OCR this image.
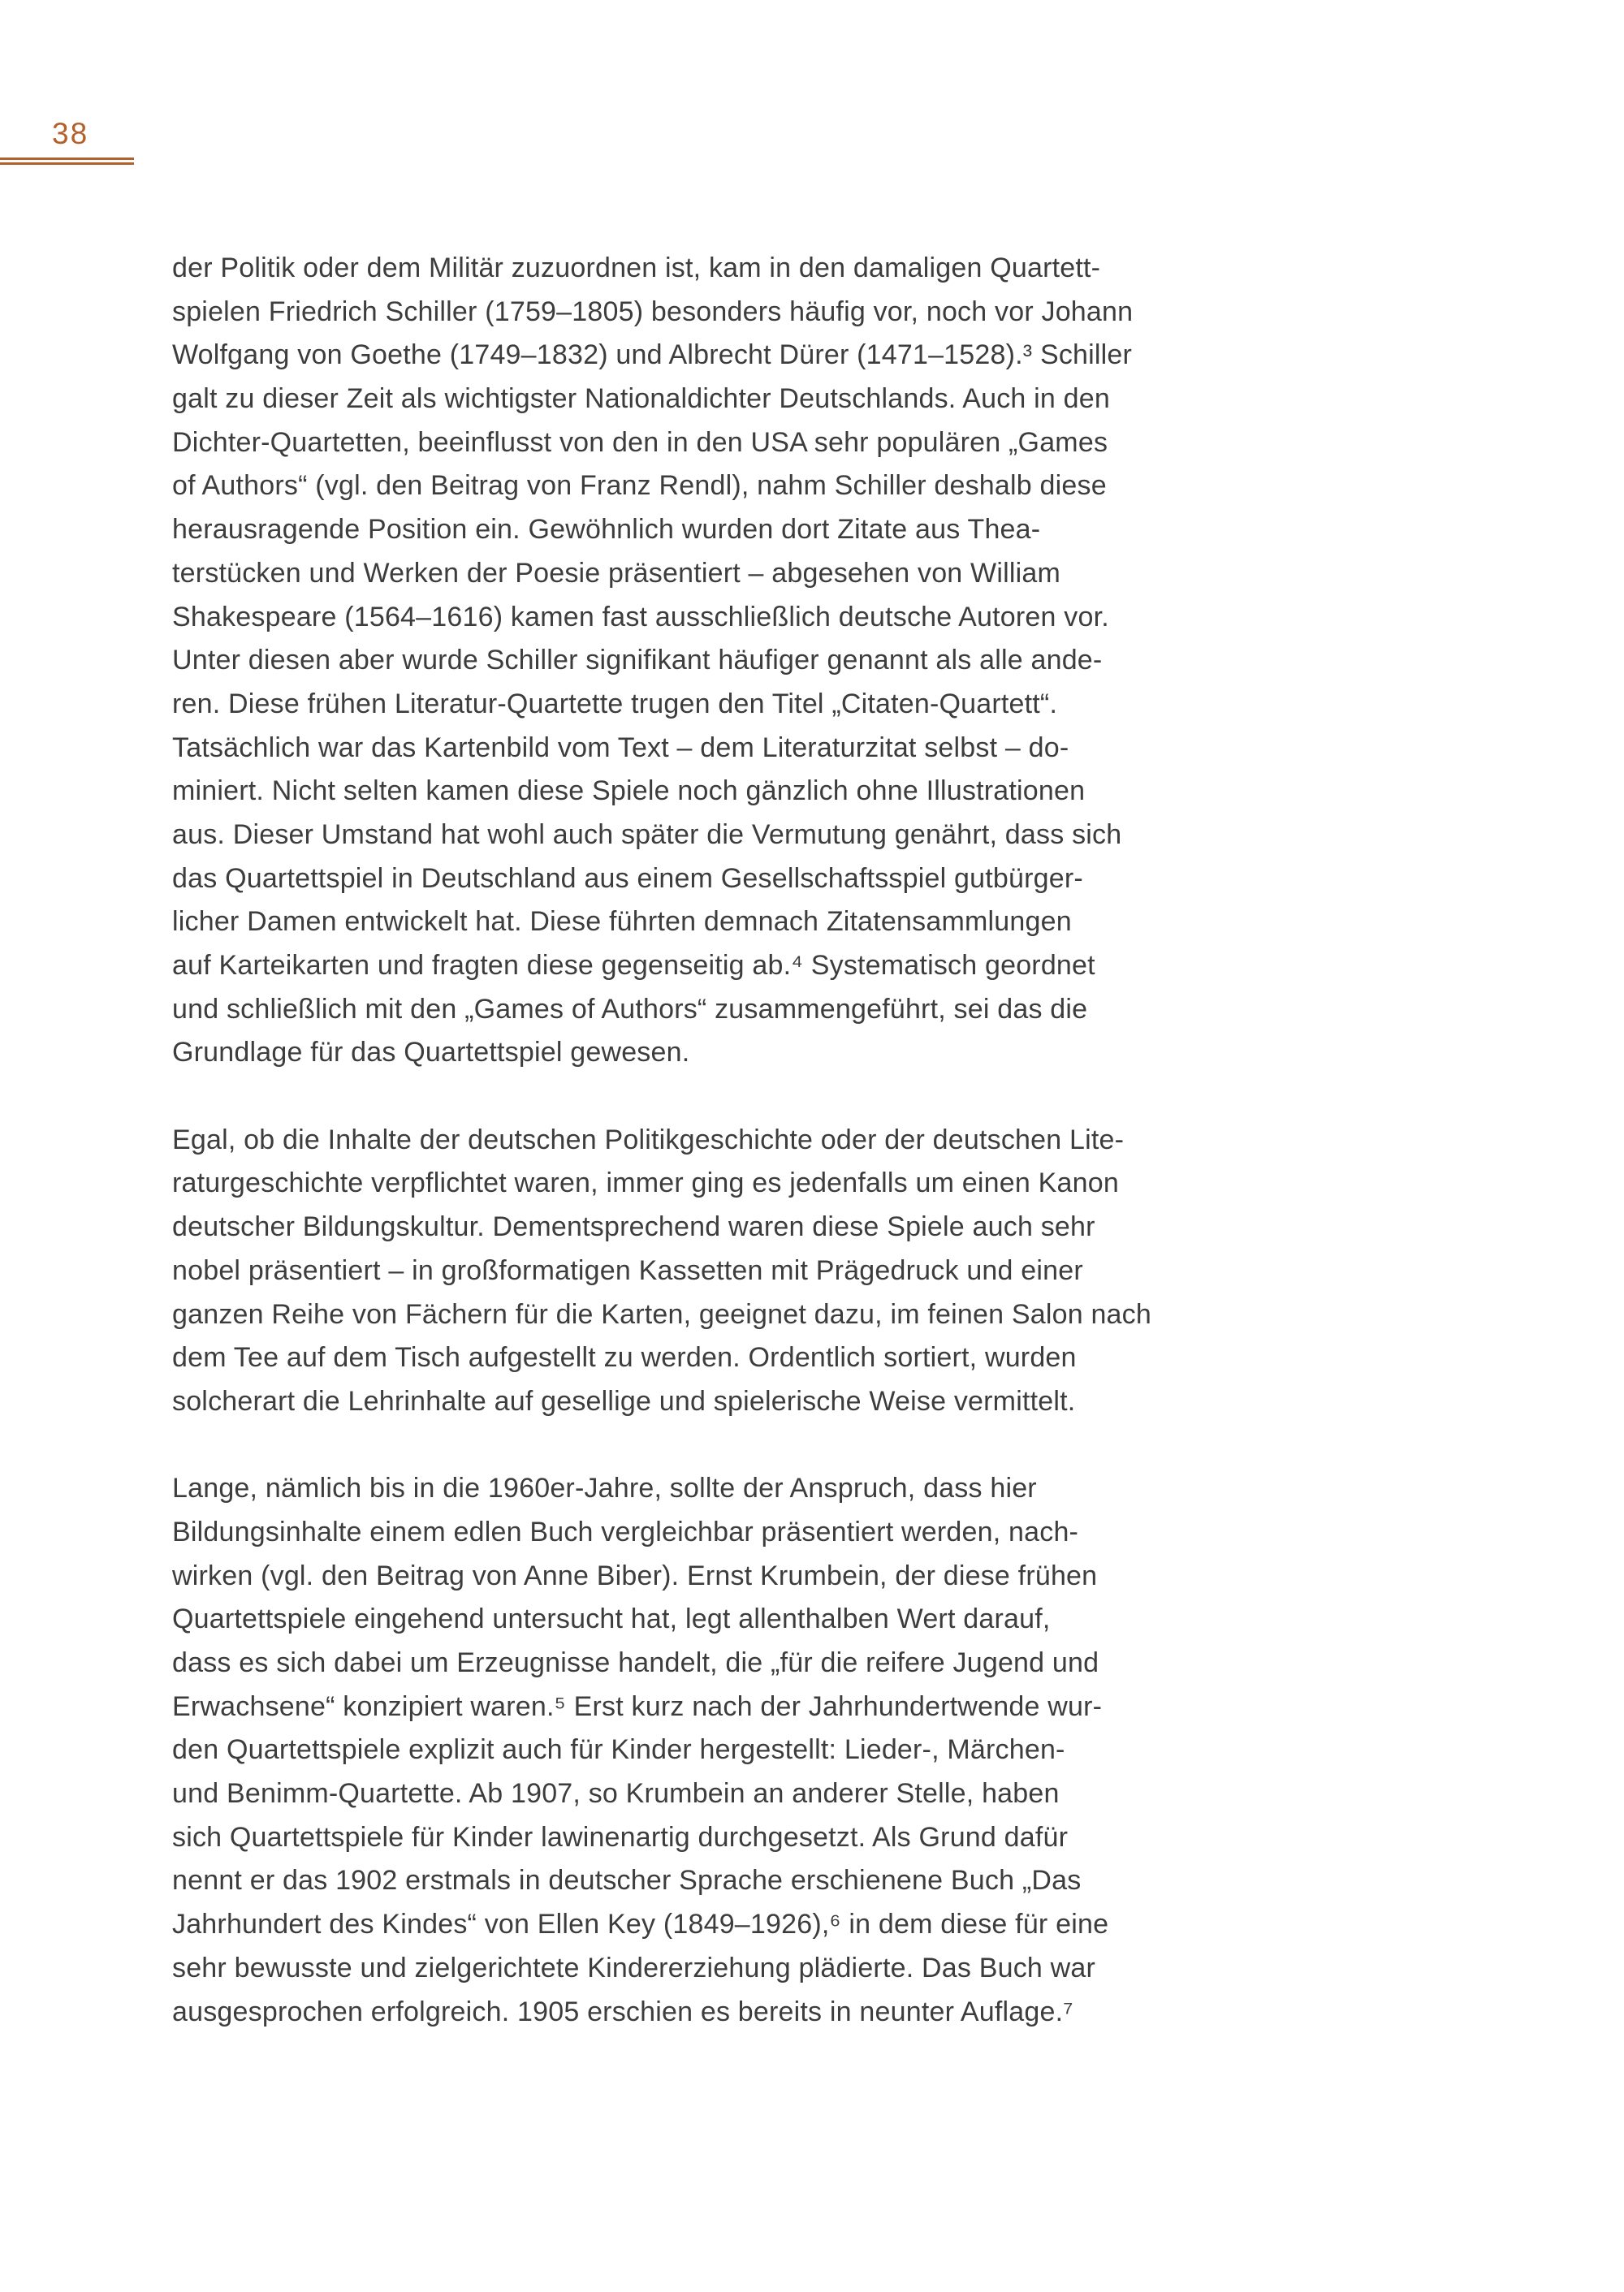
38
der Politik oder dem Militär zuzuordnen ist, kam in den damaligen Quartett-
spielen Friedrich Schiller (1759–1805) besonders häufig vor, noch vor Johann
Wolfgang von Goethe (1749–1832) und Albrecht Dürer (1471–1528).³ Schiller
galt zu dieser Zeit als wichtigster Nationaldichter Deutschlands. Auch in den
Dichter-Quartetten, beeinflusst von den in den USA sehr populären „Games
of Authors“ (vgl. den Beitrag von Franz Rendl), nahm Schiller deshalb diese
herausragende Position ein. Gewöhnlich wurden dort Zitate aus Thea-
terstücken und Werken der Poesie präsentiert – abgesehen von William
Shakespeare (1564–1616) kamen fast ausschließlich deutsche Autoren vor.
Unter diesen aber wurde Schiller signifikant häufiger genannt als alle ande-
ren. Diese frühen Literatur-Quartette trugen den Titel „Citaten-Quartett“.
Tatsächlich war das Kartenbild vom Text – dem Literaturzitat selbst – do-
miniert. Nicht selten kamen diese Spiele noch gänzlich ohne Illustrationen
aus. Dieser Umstand hat wohl auch später die Vermutung genährt, dass sich
das Quartettspiel in Deutschland aus einem Gesellschaftsspiel gutbürger-
licher Damen entwickelt hat. Diese führten demnach Zitatensammlungen
auf Karteikarten und fragten diese gegenseitig ab.⁴ Systematisch geordnet
und schließlich mit den „Games of Authors“ zusammengeführt, sei das die
Grundlage für das Quartettspiel gewesen.
Egal, ob die Inhalte der deutschen Politikgeschichte oder der deutschen Lite-
raturgeschichte verpflichtet waren, immer ging es jedenfalls um einen Kanon
deutscher Bildungskultur. Dementsprechend waren diese Spiele auch sehr
nobel präsentiert – in großformatigen Kassetten mit Prägedruck und einer
ganzen Reihe von Fächern für die Karten, geeignet dazu, im feinen Salon nach
dem Tee auf dem Tisch aufgestellt zu werden. Ordentlich sortiert, wurden
solcherart die Lehrinhalte auf gesellige und spielerische Weise vermittelt.
Lange, nämlich bis in die 1960er-Jahre, sollte der Anspruch, dass hier
Bildungsinhalte einem edlen Buch vergleichbar präsentiert werden, nach-
wirken (vgl. den Beitrag von Anne Biber). Ernst Krumbein, der diese frühen
Quartettspiele eingehend untersucht hat, legt allenthalben Wert darauf,
dass es sich dabei um Erzeugnisse handelt, die „für die reifere Jugend und
Erwachsene“ konzipiert waren.⁵ Erst kurz nach der Jahrhundertwende wur-
den Quartettspiele explizit auch für Kinder hergestellt: Lieder-, Märchen-
und Benimm-Quartette. Ab 1907, so Krumbein an anderer Stelle, haben
sich Quartettspiele für Kinder lawinenartig durchgesetzt. Als Grund dafür
nennt er das 1902 erstmals in deutscher Sprache erschienene Buch „Das
Jahrhundert des Kindes“ von Ellen Key (1849–1926),⁶ in dem diese für eine
sehr bewusste und zielgerichtete Kindererziehung plädierte. Das Buch war
ausgesprochen erfolgreich. 1905 erschien es bereits in neunter Auflage.⁷
